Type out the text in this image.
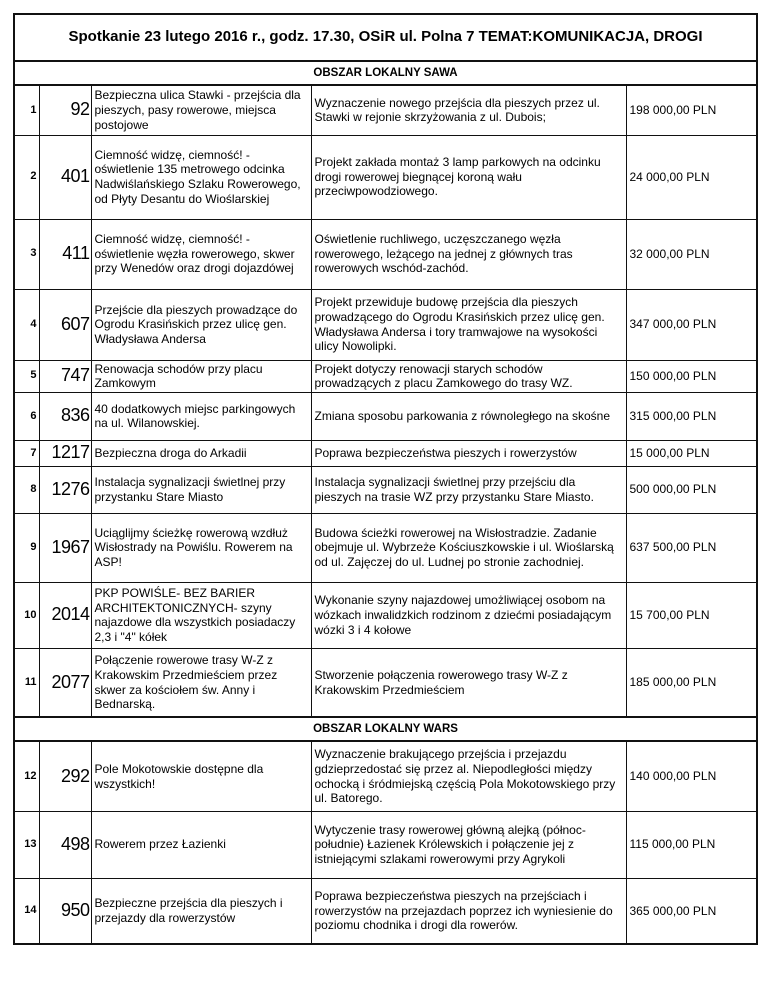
Spotkanie 23 lutego 2016 r., godz. 17.30, OSiR ul. Polna 7 TEMAT:KOMUNIKACJA, DROGI				
OBSZAR LOKALNY SAWA				
1	92	Bezpieczna ulica Stawki - przejścia dla pieszych, pasy rowerowe, miejsca postojowe	Wyznaczenie nowego przejścia dla pieszych przez ul. Stawki w rejonie skrzyżowania z ul. Dubois;	198 000,00 PLN
2	401	Ciemność widzę, ciemność! - oświetlenie 135 metrowego odcinka Nadwiślańskiego Szlaku Rowerowego, od Płyty Desantu do Wioślarskiej	Projekt zakłada montaż 3 lamp parkowych na odcinku drogi rowerowej biegnącej koroną wału przeciwpowodziowego.	24 000,00 PLN
3	411	Ciemność widzę, ciemność! - oświetlenie węzła rowerowego, skwer przy Wenedów oraz drogi dojazdówej	Oświetlenie ruchliwego, uczęszczanego węzła rowerowego, leżącego na jednej z głównych tras rowerowych wschód-zachód.	32 000,00 PLN
4	607	Przejście dla pieszych prowadzące do Ogrodu Krasińskich przez ulicę gen. Władysława Andersa	Projekt przewiduje budowę przejścia dla pieszych prowadzącego do Ogrodu Krasińskich przez ulicę gen. Władysława Andersa i tory tramwajowe na wysokości ulicy Nowolipki.	347 000,00 PLN
5	747	Renowacja schodów przy placu Zamkowym	Projekt dotyczy renowacji starych schodów prowadzących z placu Zamkowego do trasy WZ.	150 000,00 PLN
6	836	40 dodatkowych miejsc parkingowych na ul. Wilanowskiej.	Zmiana sposobu parkowania z równoległego na skośne	315 000,00 PLN
7	1217	Bezpieczna droga do Arkadii	Poprawa bezpieczeństwa pieszych i rowerzystów	15 000,00 PLN
8	1276	Instalacja sygnalizacji świetlnej przy przystanku Stare Miasto	Instalacja sygnalizacji świetlnej przy przejściu dla pieszych na trasie WZ przy przystanku Stare Miasto.	500 000,00 PLN
9	1967	Uciąglijmy ścieżkę rowerową wzdłuż Wisłostrady na Powiślu. Rowerem na ASP!	Budowa ścieżki rowerowej na Wisłostradzie. Zadanie obejmuje ul. Wybrzeże Kościuszkowskie i ul. Wioślarską od ul. Zajęczej do ul. Ludnej po stronie zachodniej.	637 500,00 PLN
10	2014	PKP POWIŚLE- BEZ BARIER ARCHITEKTONICZNYCH- szyny najazdowe dla wszystkich posiadaczy 2,3 i "4" kółek	Wykonanie szyny najazdowej umożliwiącej osobom na wózkach inwalidzkich rodzinom z dziećmi posiadającym wózki 3 i 4 kołowe	15 700,00 PLN
11	2077	Połączenie rowerowe trasy W-Z z Krakowskim Przedmieściem przez skwer za kościołem św. Anny i Bednarską.	Stworzenie połączenia rowerowego trasy W-Z z Krakowskim Przedmieściem	185 000,00 PLN
OBSZAR LOKALNY WARS				
12	292	Pole Mokotowskie dostępne dla wszystkich!	Wyznaczenie brakującego przejścia i przejazdu gdzieprzedostać się przez al. Niepodległości między ochocką i śródmiejską częścią Pola Mokotowskiego przy ul. Batorego.	140 000,00 PLN
13	498	Rowerem przez Łazienki	Wytyczenie trasy rowerowej główną alejką (północ-południe) Łazienek Królewskich i połączenie jej z istniejącymi szlakami rowerowymi przy Agrykoli	115 000,00 PLN
14	950	Bezpieczne przejścia dla pieszych i przejazdy dla rowerzystów	Poprawa bezpieczeństwa pieszych na przejściach i rowerzystów na przejazdach poprzez ich wyniesienie do poziomu chodnika i drogi dla rowerów.	365 000,00 PLN
